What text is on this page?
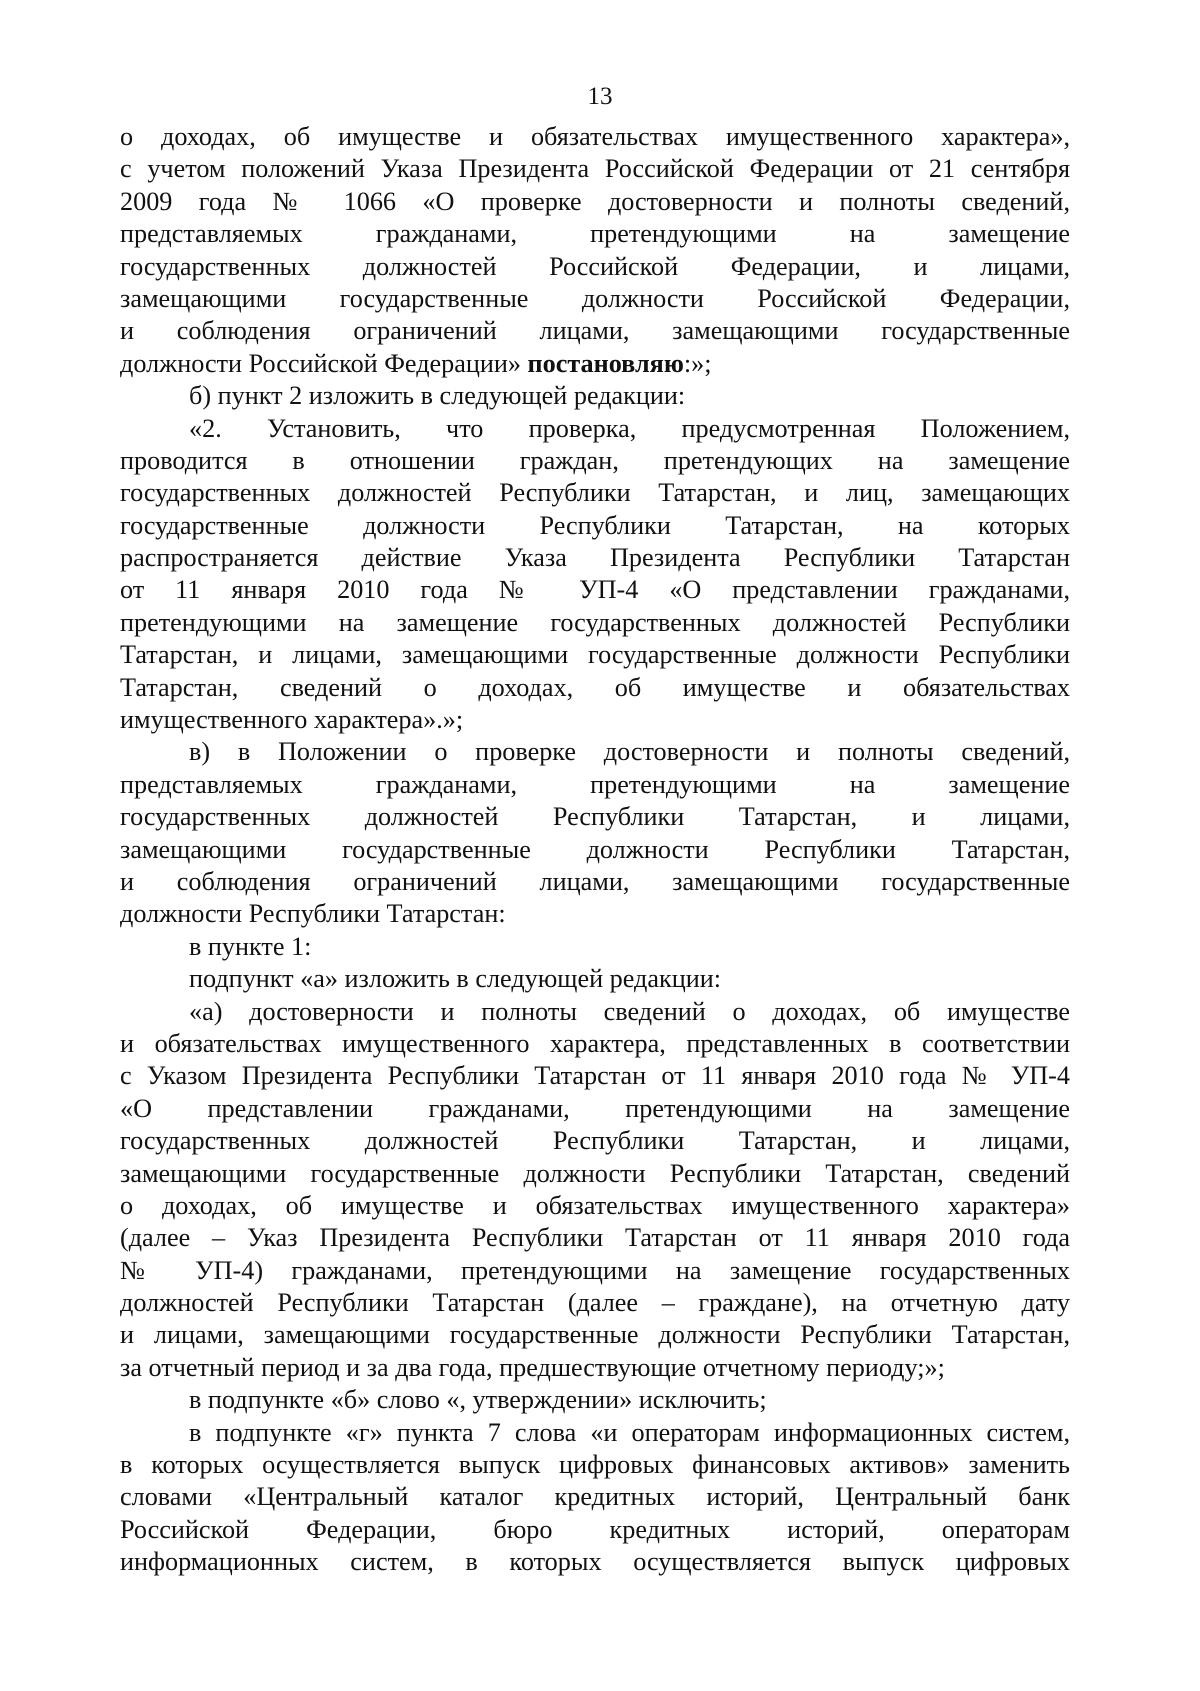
13
о доходах, об имуществе и обязательствах имущественного характера»,
с учетом положений Указа Президента Российской Федерации от 21 сентября
2009 года № 1066 «О проверке достоверности и полноты сведений,
представляемых гражданами, претендующими на замещение
государственных должностей Российской Федерации, и лицами,
замещающими государственные должности Российской Федерации,
и соблюдения ограничений лицами, замещающими государственные
должности Российской Федерации» постановляю:»;
б) пункт 2 изложить в следующей редакции:
«2. Установить, что проверка, предусмотренная Положением,
проводится в отношении граждан, претендующих на замещение
государственных должностей Республики Татарстан, и лиц, замещающих
государственные должности Республики Татарстан, на которых
распространяется действие Указа Президента Республики Татарстан
от 11 января 2010 года № УП-4 «О представлении гражданами,
претендующими на замещение государственных должностей Республики
Татарстан, и лицами, замещающими государственные должности Республики
Татарстан, сведений о доходах, об имуществе и обязательствах
имущественного характера».»;
в) в Положении о проверке достоверности и полноты сведений,
представляемых гражданами, претендующими на замещение
государственных должностей Республики Татарстан, и лицами,
замещающими государственные должности Республики Татарстан,
и соблюдения ограничений лицами, замещающими государственные
должности Республики Татарстан:
в пункте 1:
подпункт «а» изложить в следующей редакции:
«а) достоверности и полноты сведений о доходах, об имуществе
и обязательствах имущественного характера, представленных в соответствии
с Указом Президента Республики Татарстан от 11 января 2010 года № УП-4
«О представлении гражданами, претендующими на замещение
государственных должностей Республики Татарстан, и лицами,
замещающими государственные должности Республики Татарстан, сведений
о доходах, об имуществе и обязательствах имущественного характера»
(далее – Указ Президента Республики Татарстан от 11 января 2010 года
№ УП-4) гражданами, претендующими на замещение государственных
должностей Республики Татарстан (далее – граждане), на отчетную дату
и лицами, замещающими государственные должности Республики Татарстан,
за отчетный период и за два года, предшествующие отчетному периоду;»;
в подпункте «б» слово «, утверждении» исключить;
в подпункте «г» пункта 7 слова «и операторам информационных систем,
в которых осуществляется выпуск цифровых финансовых активов» заменить
словами «Центральный каталог кредитных историй, Центральный банк
Российской Федерации, бюро кредитных историй, операторам
информационных систем, в которых осуществляется выпуск цифровых
